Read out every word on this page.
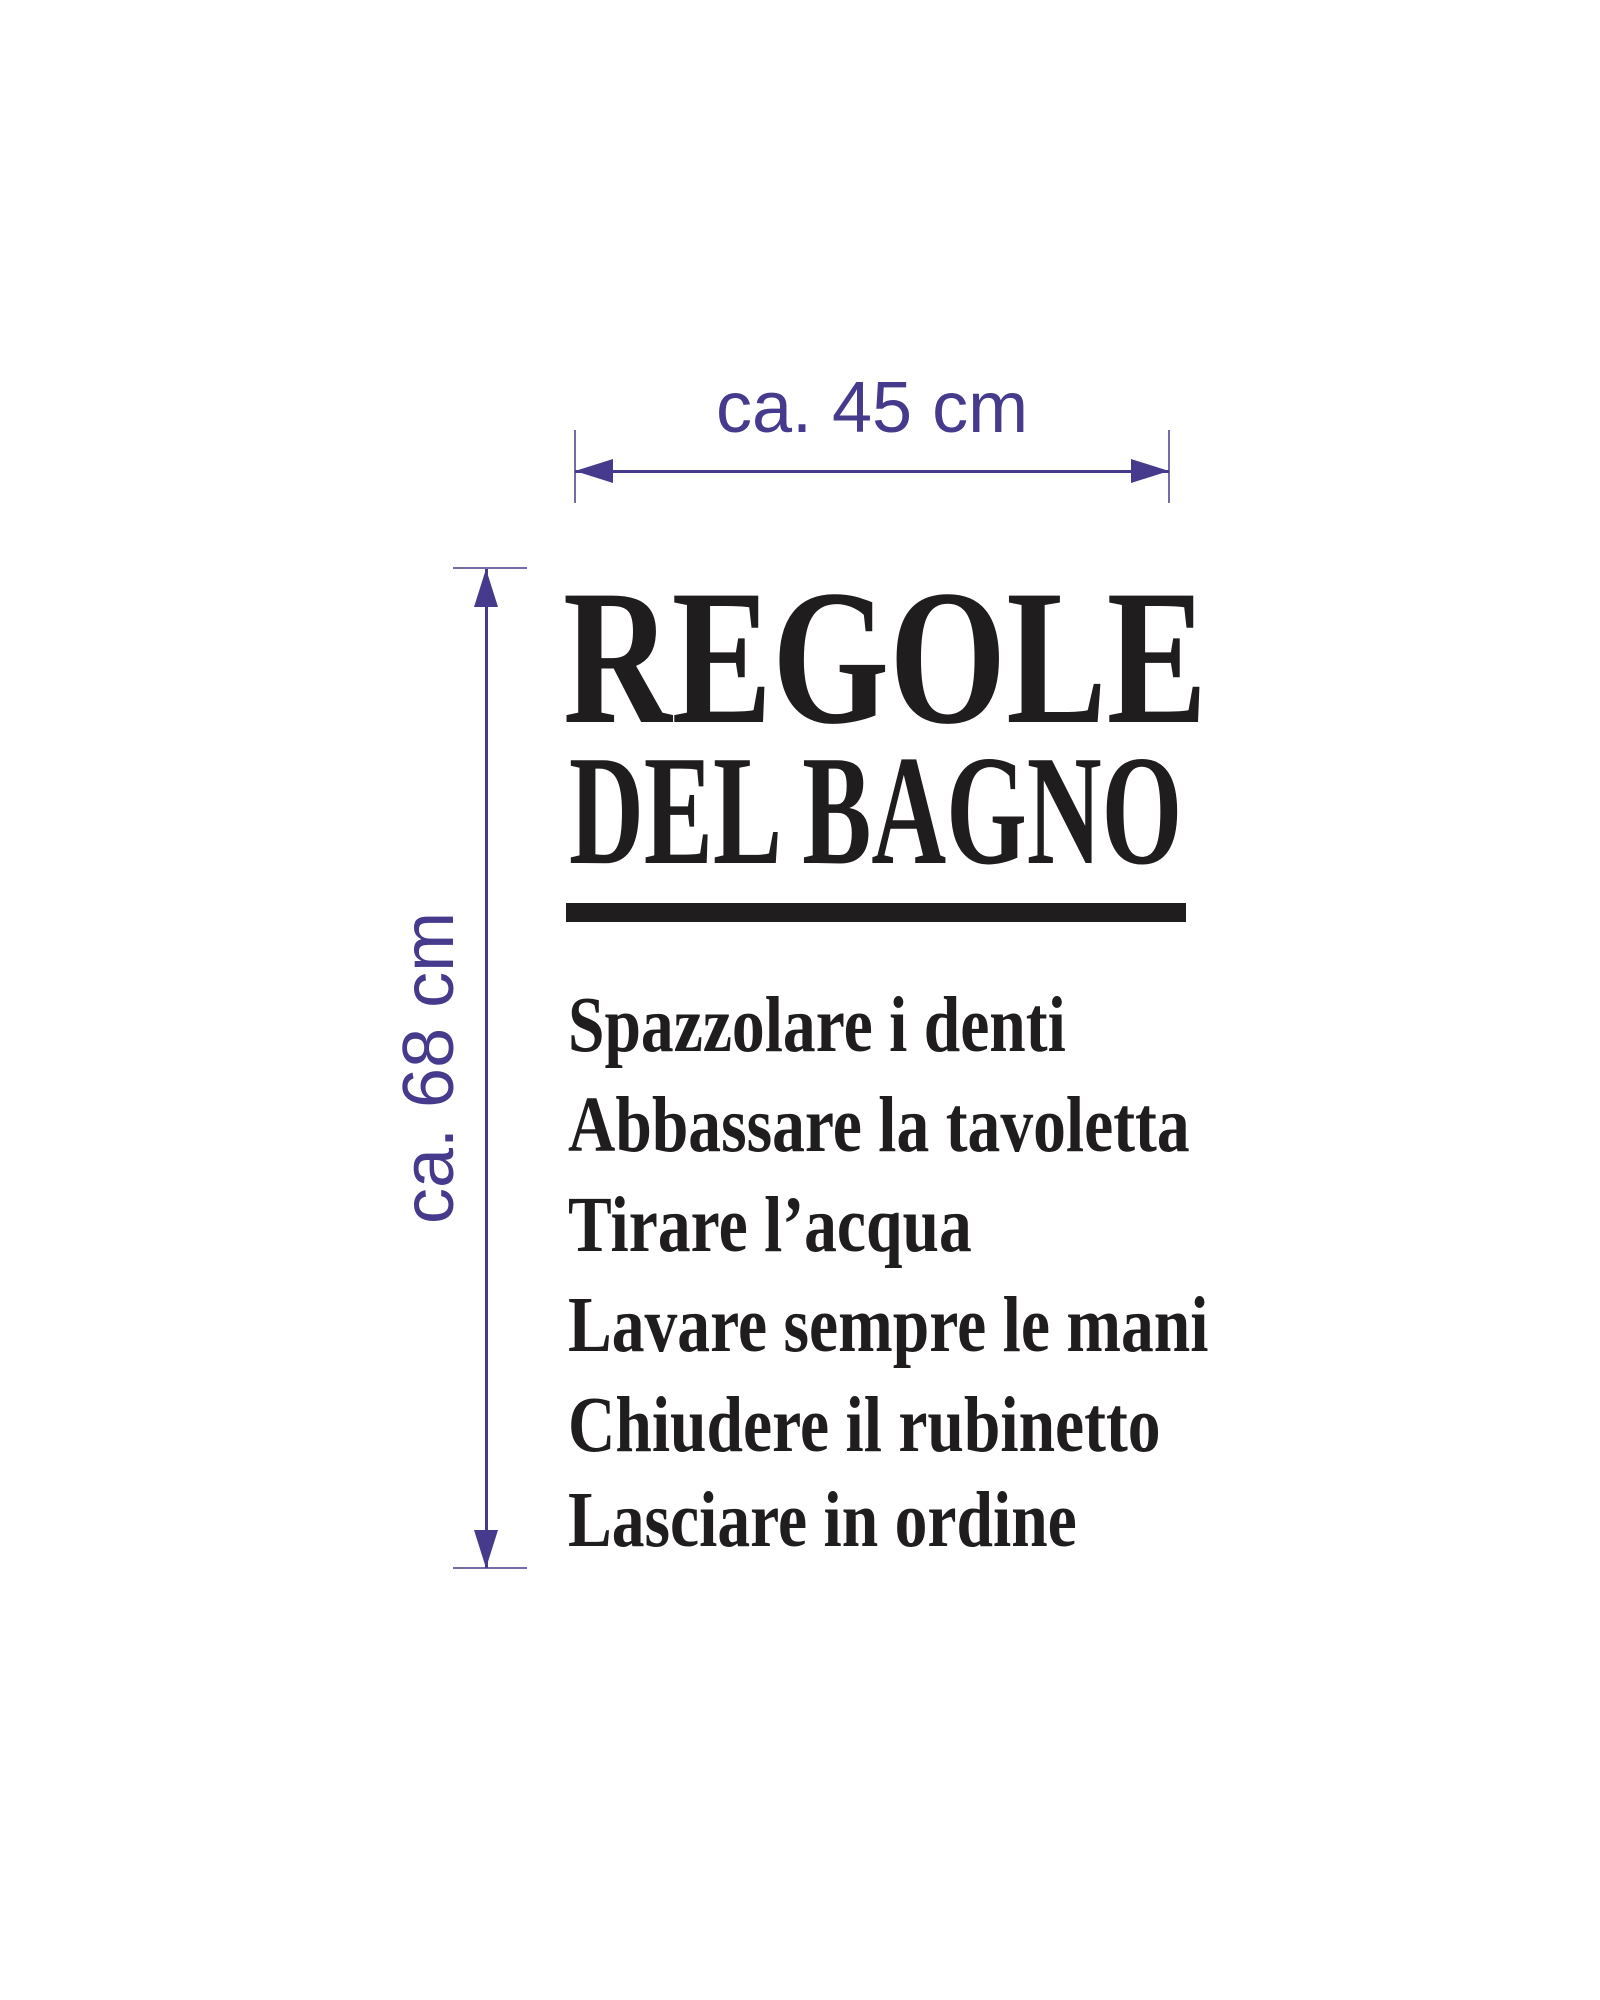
ca. 45 cm
ca. 68 cm
REGOLE
DEL BAGNO
Spazzolare i denti
Abbassare la tavoletta
Tirare l’acqua
Lavare sempre le mani
Chiudere il rubinetto
Lasciare in ordine
